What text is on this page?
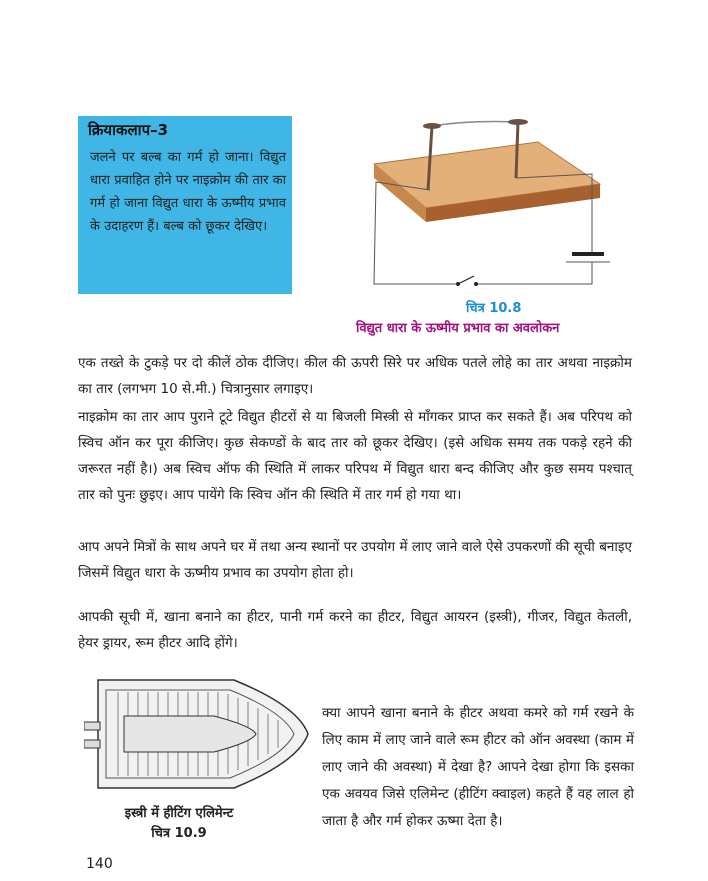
क्रियाकलाप–3
जलने पर बल्ब का गर्म हो जाना। विद्युत धारा प्रवाहित होने पर नाइक्रोम की तार का गर्म हो जाना विद्युत धारा के ऊष्मीय प्रभाव के उदाहरण हैं। बल्ब को छूकर देखिए।
चित्र 10.8
विद्युत धारा के ऊष्मीय प्रभाव का अवलोकन
एक तख्ते के टुकड़े पर दो कीलें ठोक दीजिए। कील की ऊपरी सिरे पर अधिक पतले लोहे का तार अथवा नाइक्रोम का तार (लगभग 10 से.मी.) चित्रानुसार लगाइए।
नाइक्रोम का तार आप पुराने टूटे विद्युत हीटरों से या बिजली मिस्त्री से माँगकर प्राप्त कर सकते हैं। अब परिपथ को स्विच ऑन कर पूरा कीजिए। कुछ सेकण्डों के बाद तार को छूकर देखिए। (इसे अधिक समय तक पकड़े रहने की जरूरत नहीं है।) अब स्विच ऑफ की स्थिति में लाकर परिपथ में विद्युत धारा बन्द कीजिए और कुछ समय पश्चात् तार को पुनः छुइए। आप पायेंगे कि स्विच ऑन की स्थिति में तार गर्म हो गया था।
आप अपने मित्रों के साथ अपने घर में तथा अन्य स्थानों पर उपयोग में लाए जाने वाले ऐसे उपकरणों की सूची बनाइए जिसमें विद्युत धारा के ऊष्मीय प्रभाव का उपयोग होता हो।
आपकी सूची में, खाना बनाने का हीटर, पानी गर्म करने का हीटर, विद्युत आयरन (इस्त्री), गीजर, विद्युत केतली, हेयर ड्रायर, रूम हीटर आदि होंगे।
इस्त्री में हीटिंग एलिमेन्ट
चित्र 10.9
क्या आपने खाना बनाने के हीटर अथवा कमरे को गर्म रखने के लिए काम में लाए जाने वाले रूम हीटर को ऑन अवस्था (काम में लाए जाने की अवस्था) में देखा है? आपने देखा होगा कि इसका एक अवयव जिसे एलिमेन्ट (हीटिंग क्वाइल) कहते हैं वह लाल हो जाता है और गर्म होकर ऊष्मा देता है।
140
